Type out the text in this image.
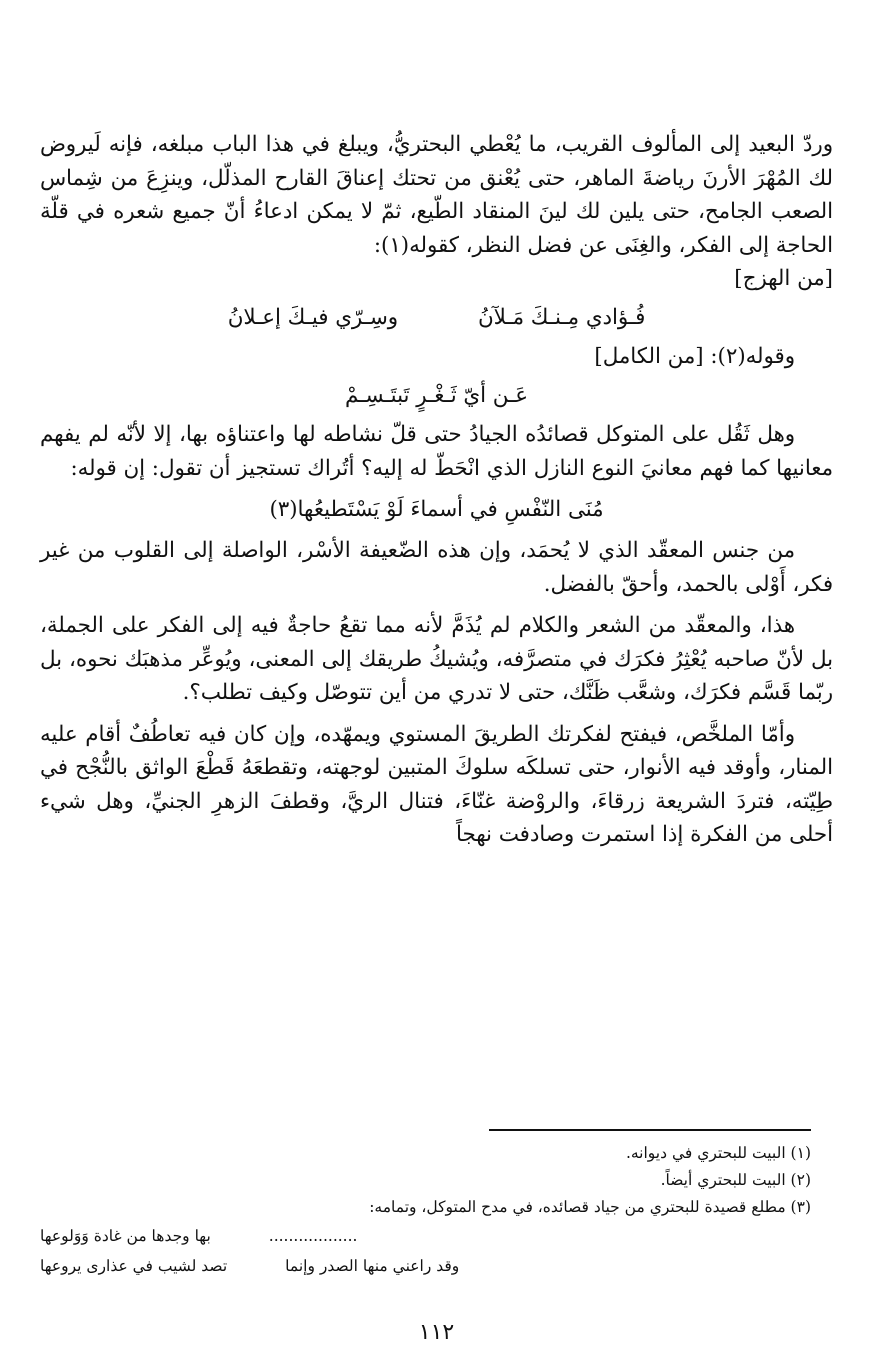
وردّ البعيد إلى المألوف القريب، ما يُعْطي البحتريُّ، ويبلغ في هذا الباب مبلغه، فإنه لَيروض لك المُهْرَ الأرنَ رياضةَ الماهر، حتى يُعْنق من تحتك إعناقَ القارح المذلّل، وينزِعَ من شِماس الصعب الجامح، حتى يلين لك لينَ المنقاد الطّيع، ثمّ لا يمكن ادعاءُ أنّ جميع شعره في قلّة الحاجة إلى الفكر، والغِنَى عن فضل النظر، كقوله(١):

[من الهزج]

فُـؤادي مِـنـكَ مَـلآنُ
وسِـرّي فيـكَ إعـلانُ

وقوله(٢): [من الكامل]

عَـن أيّ ثَـغْـرٍ تَبتَـسِـمْ

وهل ثَقُل على المتوكل قصائدُه الجيادُ حتى قلّ نشاطه لها واعتناؤه بها، إلا لأنّه لم يفهم معانيها كما فهم معانيَ النوع النازل الذي انْحَطّ له إليه؟ أتُراك تستجيز أن تقول: إن قوله:

مُنَى النّفْسِ في أسماءَ لَوْ يَسْتَطيعُها(٣)

من جنس المعقّد الذي لا يُحمَد، وإن هذه الضّعيفة الأسْر، الواصلة إلى القلوب من غير فكر، أَوْلى بالحمد، وأحقّ بالفضل.

هذا، والمعقّد من الشعر والكلام لم يُذَمَّ لأنه مما تقعُ حاجةٌ فيه إلى الفكر على الجملة، بل لأنّ صاحبه يُعْثِرُ فكرَك في متصرَّفه، ويُشيكُ طريقك إلى المعنى، ويُوعِّر مذهبَك نحوه، بل ربّما قَسَّم فكرَك، وشعَّب ظَنَّك، حتى لا تدري من أين تتوصّل وكيف تطلب؟.

وأمّا الملخَّص، فيفتح لفكرتك الطريقَ المستوي ويمهّده، وإن كان فيه تعاطُفٌ أقام عليه المنار، وأوقد فيه الأنوار، حتى تسلكَه سلوكَ المتبين لوجهته، وتقطعَهُ قَطْعَ الواثق بالنُّجْح في طِيّته، فتردَ الشريعة زرقاءَ، والروْضة غنّاءَ، فتنال الريَّ، وقطفَ الزهرِ الجنيِّ، وهل شيء أحلى من الفكرة إذا استمرت وصادفت نهجاً

(١) البيت للبحتري في ديوانه.

(٢) البيت للبحتري أيضاً.

(٣) مطلع قصيدة للبحتري من جياد قصائده، في مدح المتوكل، وتمامه:

..................
بها وجدها من غادة وَوَلوعها
وقد راعني منها الصدر وإنما
تصد لشيب في عذارى يروعها
١١٢
